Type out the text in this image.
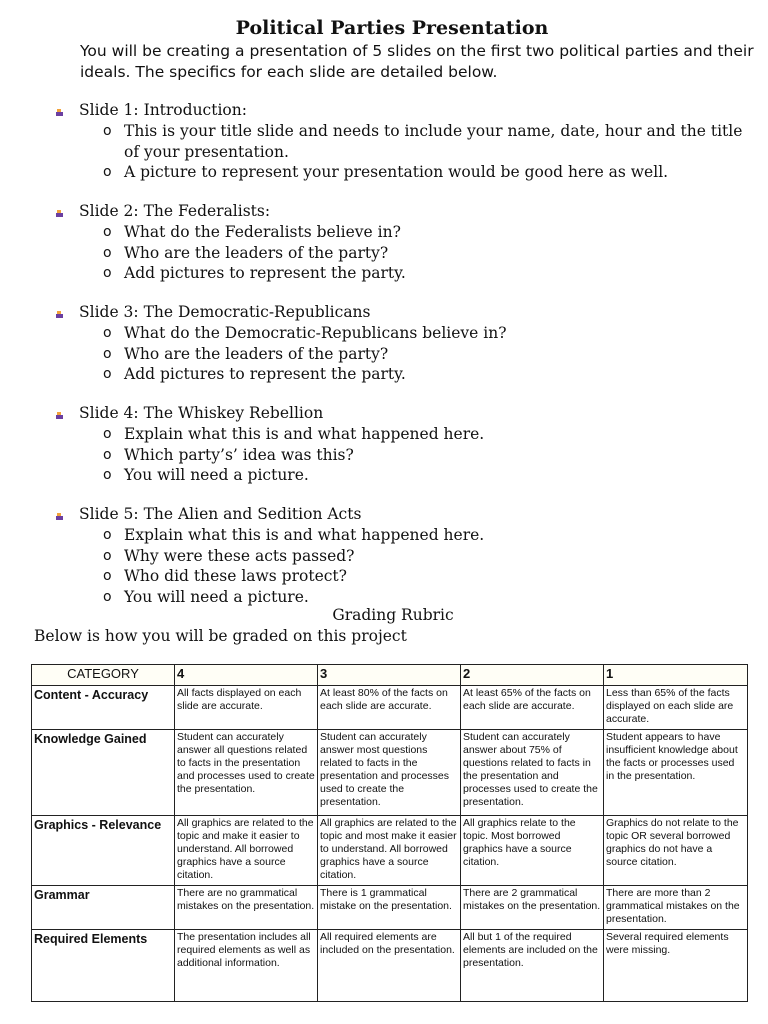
Political Parties Presentation
You will be creating a presentation of 5 slides on the first two political parties and their ideals. The specifics for each slide are detailed below.
Slide 1: Introduction:
o This is your title slide and needs to include your name, date, hour and the title of your presentation.
o A picture to represent your presentation would be good here as well.
Slide 2: The Federalists:
o What do the Federalists believe in?
o Who are the leaders of the party?
o Add pictures to represent the party.
Slide 3: The Democratic-Republicans
o What do the Democratic-Republicans believe in?
o Who are the leaders of the party?
o Add pictures to represent the party.
Slide 4: The Whiskey Rebellion
o Explain what this is and what happened here.
o Which party’s’ idea was this?
o You will need a picture.
Slide 5: The Alien and Sedition Acts
o Explain what this is and what happened here.
o Why were these acts passed?
o Who did these laws protect?
o You will need a picture.
Grading Rubric
Below is how you will be graded on this project
CATEGORY	4	3	2	1
Content - Accuracy	All facts displayed on each slide are accurate.	At least 80% of the facts on each slide are accurate.	At least 65% of the facts on each slide are accurate.	Less than 65% of the facts displayed on each slide are accurate.
Knowledge Gained	Student can accurately answer all questions related to facts in the presentation and processes used to create the presentation.	Student can accurately answer most questions related to facts in the presentation and processes used to create the presentation.	Student can accurately answer about 75% of questions related to facts in the presentation and processes used to create the presentation.	Student appears to have insufficient knowledge about the facts or processes used in the presentation.
Graphics - Relevance	All graphics are related to the topic and make it easier to understand. All borrowed graphics have a source citation.	All graphics are related to the topic and most make it easier to understand. All borrowed graphics have a source citation.	All graphics relate to the topic. Most borrowed graphics have a source citation.	Graphics do not relate to the topic OR several borrowed graphics do not have a source citation.
Grammar	There are no grammatical mistakes on the presentation.	There is 1 grammatical mistake on the presentation.	There are 2 grammatical mistakes on the presentation.	There are more than 2 grammatical mistakes on the presentation.
Required Elements	The presentation includes all required elements as well as additional information.	All required elements are included on the presentation.	All but 1 of the required elements are included on the presentation.	Several required elements were missing.
